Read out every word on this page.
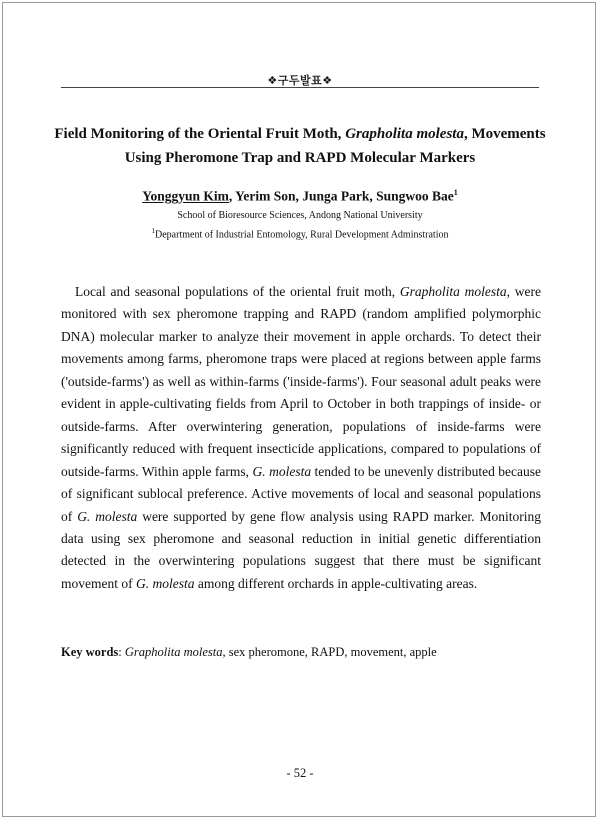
❖구두발표❖
Field Monitoring of the Oriental Fruit Moth, Grapholita molesta, Movements Using Pheromone Trap and RAPD Molecular Markers
Yonggyun Kim, Yerim Son, Junga Park, Sungwoo Bae$^1$
School of Bioresource Sciences, Andong National University
$^1$Department of Industrial Entomology, Rural Development Adminstration

Local and seasonal populations of the oriental fruit moth, Grapholita molesta, were monitored with sex pheromone trapping and RAPD (random amplified polymorphic DNA) molecular marker to analyze their movement in apple orchards. To detect their movements among farms, pheromone traps were placed at regions between apple farms ('outside-farms') as well as within-farms ('inside-farms'). Four seasonal adult peaks were evident in apple-cultivating fields from April to October in both trappings of inside- or outside-farms. After overwintering generation, populations of inside-farms were significantly reduced with frequent insecticide applications, compared to populations of outside-farms. Within apple farms, G. molesta tended to be unevenly distributed because of significant sublocal preference. Active movements of local and seasonal populations of G. molesta were supported by gene flow analysis using RAPD marker. Monitoring data using sex pheromone and seasonal reduction in initial genetic differentiation detected in the overwintering populations suggest that there must be significant movement of G. molesta among different orchards in apple-cultivating areas.

Key words: Grapholita molesta, sex pheromone, RAPD, movement, apple
- 52 -
